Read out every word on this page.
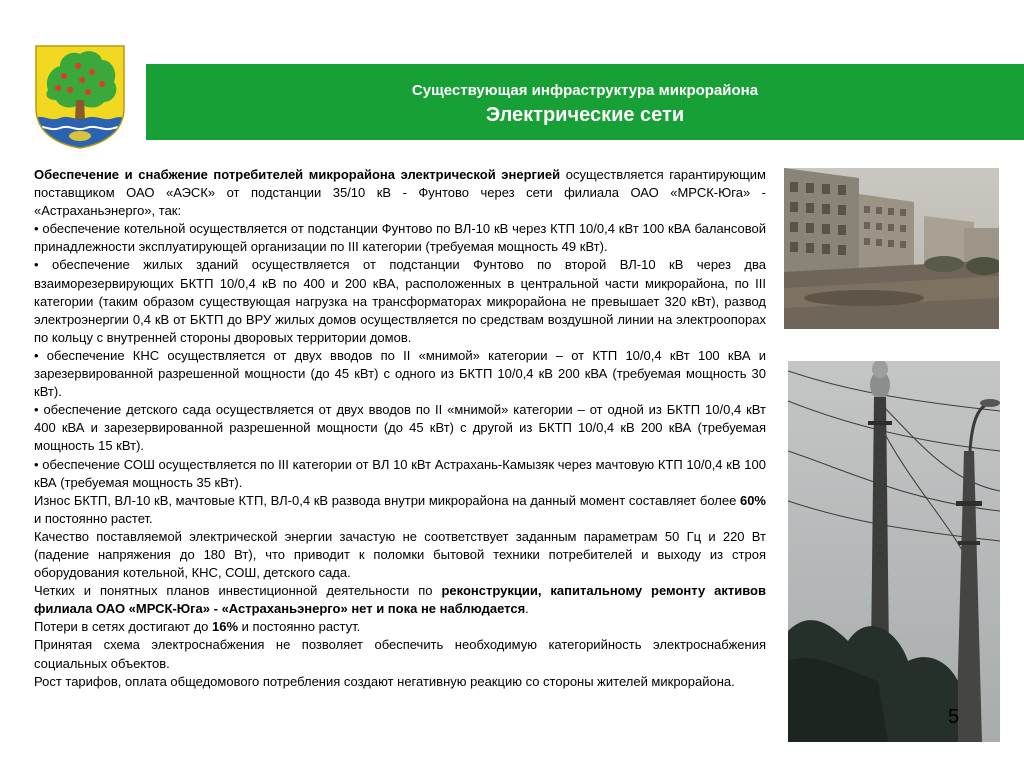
Существующая инфраструктура микрорайона
Электрические сети

Обеспечение и снабжение потребителей микрорайона электрической энергией осуществляется гарантирующим поставщиком ОАО «АЭСК» от подстанции 35/10 кВ - Фунтово через сети филиала ОАО «МРСК-Юга» - «Астраханьэнерго», так:

• обеспечение котельной осуществляется от подстанции Фунтово по ВЛ-10 кВ через КТП 10/0,4 кВт 100 кВА балансовой принадлежности эксплуатирующей организации по III категории (требуемая мощность 49 кВт).

• обеспечение жилых зданий осуществляется от подстанции Фунтово по второй ВЛ-10 кВ через два взаиморезервирующих БКТП 10/0,4 кВ по 400 и 200 кВА, расположенных в центральной части микрорайона, по III категории (таким образом существующая нагрузка на трансформаторах микрорайона не превышает 320 кВт), развод электроэнергии 0,4 кВ от БКТП до ВРУ жилых домов осуществляется по средствам воздушной линии на электроопорах по кольцу с внутренней стороны дворовых территории домов.

• обеспечение КНС осуществляется от двух вводов по II «мнимой» категории – от КТП 10/0,4 кВт 100 кВА и зарезервированной разрешенной мощности (до 45 кВт) с одного из БКТП 10/0,4 кВ 200 кВА (требуемая мощность 30 кВт).

• обеспечение детского сада осуществляется от двух вводов по II «мнимой» категории – от одной из БКТП 10/0,4 кВт 400 кВА и зарезервированной разрешенной мощности (до 45 кВт) с другой из БКТП 10/0,4 кВ 200 кВА (требуемая мощность 15 кВт).

• обеспечение СОШ осуществляется по III категории от ВЛ 10 кВт Астрахань-Камызяк через мачтовую КТП 10/0,4 кВ 100 кВА (требуемая мощность 35 кВт).

Износ БКТП, ВЛ-10 кВ, мачтовые КТП, ВЛ-0,4 кВ развода внутри микрорайона на данный момент составляет более 60% и постоянно растет.

Качество поставляемой электрической энергии зачастую не соответствует заданным параметрам 50 Гц и 220 Вт (падение напряжения до 180 Вт), что приводит к поломки бытовой техники потребителей и выходу из строя оборудования котельной, КНС, СОШ, детского сада.

Четких и понятных планов инвестиционной деятельности по реконструкции, капитальному ремонту активов филиала ОАО «МРСК-Юга» - «Астраханьэнерго» нет и пока не наблюдается.

Потери в сетях достигают до 16% и постоянно растут.

Принятая схема электроснабжения не позволяет обеспечить необходимую категорийность электроснабжения социальных объектов.

Рост тарифов, оплата общедомового потребления создают негативную реакцию со стороны жителей микрорайона.

5
